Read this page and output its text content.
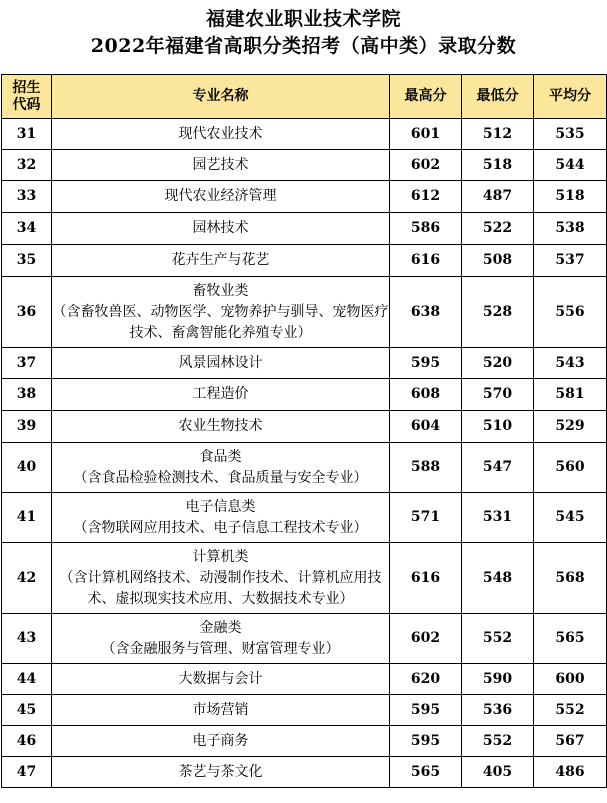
福建农业职业技术学院
2022年福建省高职分类招考（高中类）录取分数
招生
代码	专业名称	最高分	最低分	平均分
31	现代农业技术	601	512	535
32	园艺技术	602	518	544
33	现代农业经济管理	612	487	518
34	园林技术	586	522	538
35	花卉生产与花艺	616	508	537
36	畜牧业类
（含畜牧兽医、动物医学、宠物养护与驯导、宠物医疗技术、畜禽智能化养殖专业）	638	528	556
37	风景园林设计	595	520	543
38	工程造价	608	570	581
39	农业生物技术	604	510	529
40	食品类
（含食品检验检测技术、食品质量与安全专业）	588	547	560
41	电子信息类
（含物联网应用技术、电子信息工程技术专业）	571	531	545
42	计算机类
（含计算机网络技术、动漫制作技术、计算机应用技术、虚拟现实技术应用、大数据技术专业）	616	548	568
43	金融类
（含金融服务与管理、财富管理专业）	602	552	565
44	大数据与会计	620	590	600
45	市场营销	595	536	552
46	电子商务	595	552	567
47	茶艺与茶文化	565	405	486
